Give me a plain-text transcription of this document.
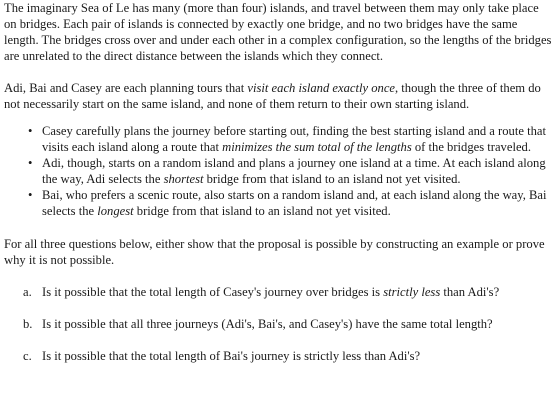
The imaginary Sea of Le has many (more than four) islands, and travel between them may only take place on bridges. Each pair of islands is connected by exactly one bridge, and no two bridges have the same length. The bridges cross over and under each other in a complex configuration, so the lengths of the bridges are unrelated to the direct distance between the islands which they connect.

Adi, Bai and Casey are each planning tours that visit each island exactly once, though the three of them do not necessarily start on the same island, and none of them return to their own starting island.

• Casey carefully plans the journey before starting out, finding the best starting island and a route that visits each island along a route that minimizes the sum total of the lengths of the bridges traveled.
• Adi, though, starts on a random island and plans a journey one island at a time. At each island along the way, Adi selects the shortest bridge from that island to an island not yet visited.
• Bai, who prefers a scenic route, also starts on a random island and, at each island along the way, Bai selects the longest bridge from that island to an island not yet visited.

For all three questions below, either show that the proposal is possible by constructing an example or prove why it is not possible.

a. Is it possible that the total length of Casey's journey over bridges is strictly less than Adi's?
b. Is it possible that all three journeys (Adi's, Bai's, and Casey's) have the same total length?
c. Is it possible that the total length of Bai's journey is strictly less than Adi's?
